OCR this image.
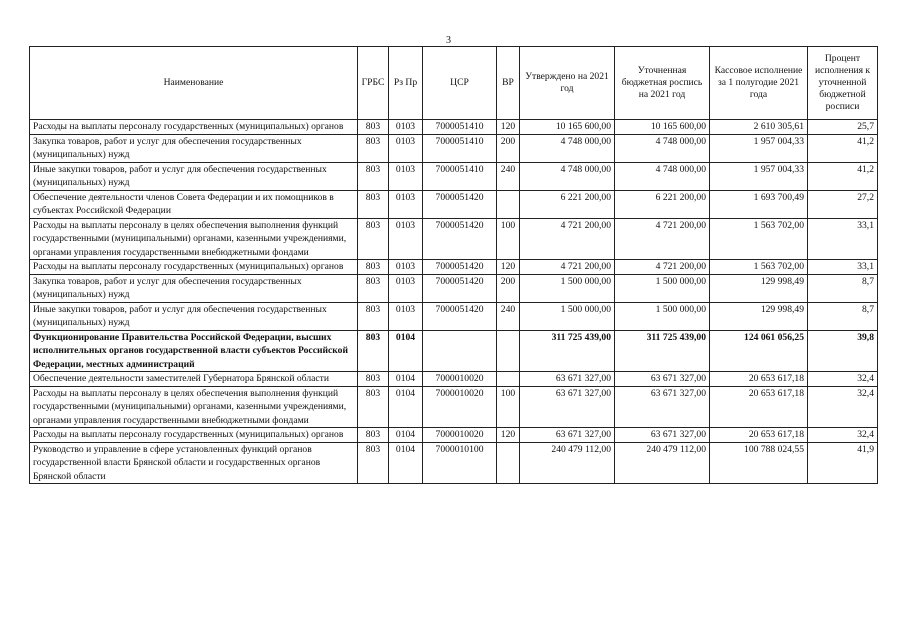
3
Наименование	ГРБС	Рз Пр	ЦСР	ВР	Утверждено на 2021 год	Уточненная бюджетная роспись на 2021 год	Кассовое исполнение за 1 полугодие 2021 года	Процент исполнения к уточненной бюджетной росписи
Расходы на выплаты персоналу государственных (муниципальных) органов	803	0103	7000051410	120	10 165 600,00	10 165 600,00	2 610 305,61	25,7
Закупка товаров, работ и услуг для обеспечения государственных (муниципальных) нужд	803	0103	7000051410	200	4 748 000,00	4 748 000,00	1 957 004,33	41,2
Иные закупки товаров, работ и услуг для обеспечения государственных (муниципальных) нужд	803	0103	7000051410	240	4 748 000,00	4 748 000,00	1 957 004,33	41,2
Обеспечение деятельности членов Совета Федерации и их помощников в субъектах Российской Федерации	803	0103	7000051420		6 221 200,00	6 221 200,00	1 693 700,49	27,2
Расходы на выплаты персоналу в целях обеспечения выполнения функций государственными (муниципальными) органами, казенными учреждениями, органами управления государственными внебюджетными фондами	803	0103	7000051420	100	4 721 200,00	4 721 200,00	1 563 702,00	33,1
Расходы на выплаты персоналу государственных (муниципальных) органов	803	0103	7000051420	120	4 721 200,00	4 721 200,00	1 563 702,00	33,1
Закупка товаров, работ и услуг для обеспечения государственных (муниципальных) нужд	803	0103	7000051420	200	1 500 000,00	1 500 000,00	129 998,49	8,7
Иные закупки товаров, работ и услуг для обеспечения государственных (муниципальных) нужд	803	0103	7000051420	240	1 500 000,00	1 500 000,00	129 998,49	8,7
Функционирование Правительства Российской Федерации, высших исполнительных органов государственной власти субъектов Российской Федерации, местных администраций	803	0104			311 725 439,00	311 725 439,00	124 061 056,25	39,8
Обеспечение деятельности заместителей Губернатора Брянской области	803	0104	7000010020		63 671 327,00	63 671 327,00	20 653 617,18	32,4
Расходы на выплаты персоналу в целях обеспечения выполнения функций государственными (муниципальными) органами, казенными учреждениями, органами управления государственными внебюджетными фондами	803	0104	7000010020	100	63 671 327,00	63 671 327,00	20 653 617,18	32,4
Расходы на выплаты персоналу государственных (муниципальных) органов	803	0104	7000010020	120	63 671 327,00	63 671 327,00	20 653 617,18	32,4
Руководство и управление в сфере установленных функций органов государственной власти Брянской области и государственных органов Брянской области	803	0104	7000010100		240 479 112,00	240 479 112,00	100 788 024,55	41,9
